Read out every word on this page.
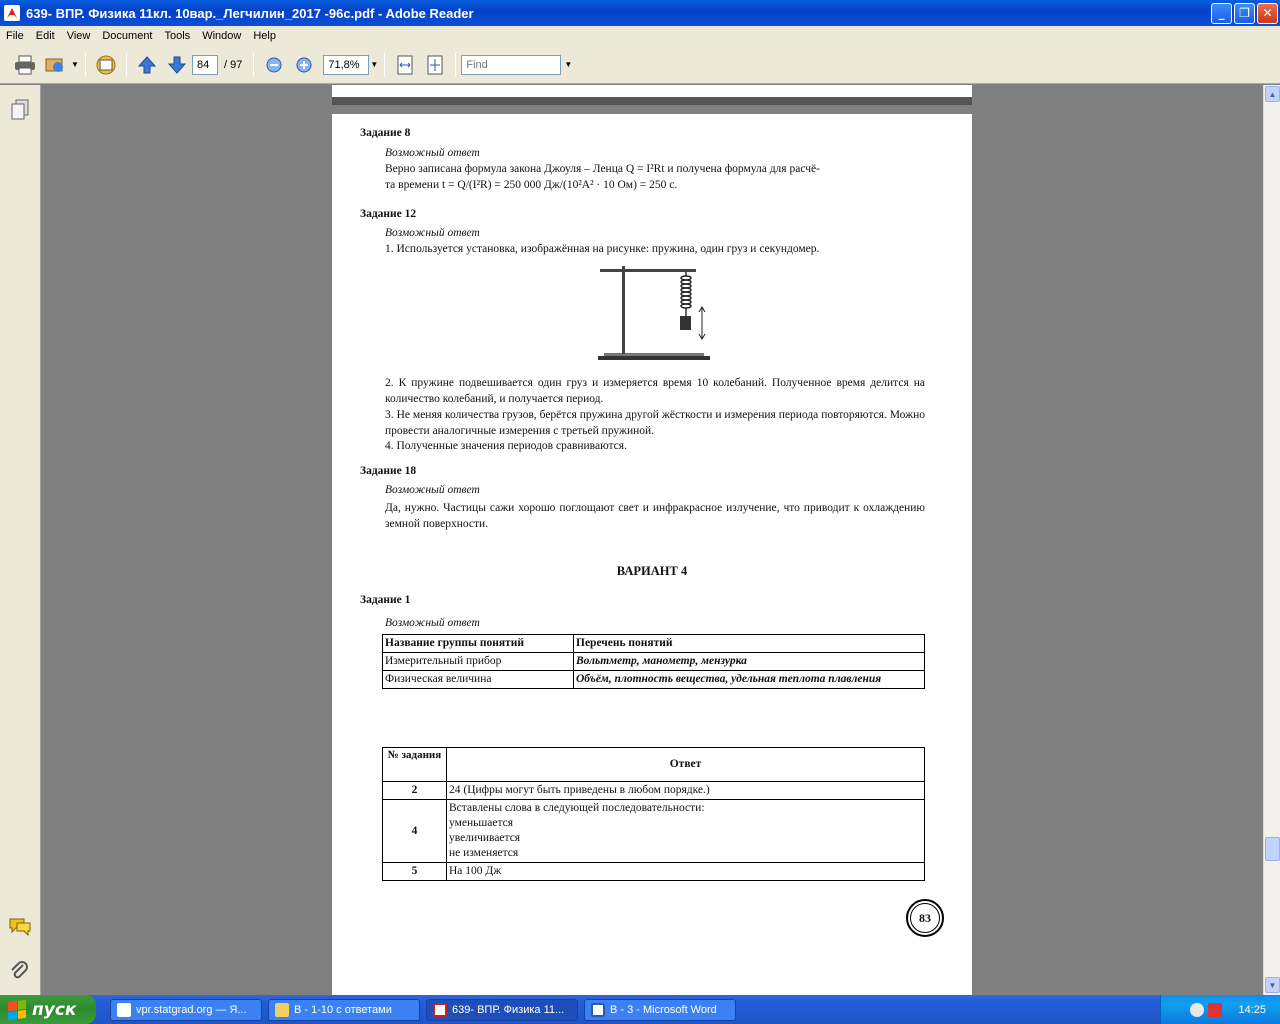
639- ВПР. Физика 11кл. 10вар._Легчилин_2017 -96с.pdf - Adobe Reader	_	❐	✕
File	Edit	View	Document	Tools	Window	Help
▼	84	/ 97	71,8%	▼
Find	▼
Задание 8
Возможный ответ
Верно записана формула закона Джоуля – Ленца Q = I²Rt и получена формула для расчё-
та времени t = Q/(I²R) = 250 000 Дж/(10²А² · 10 Ом) = 250 с.
Задание 12
Возможный ответ
1. Используется установка, изображённая на рисунке: пружина, один груз и секундомер.
2. К пружине подвешивается один груз и измеряется время 10 колебаний. Полученное время делится на количество колебаний, и получается период.
3. Не меняя количества грузов, берётся пружина другой жёсткости и измерения периода повторяются. Можно провести аналогичные измерения с третьей пружиной.
4. Полученные значения периодов сравниваются.
Задание 18
Возможный ответ
Да, нужно. Частицы сажи хорошо поглощают свет и инфракрасное излучение, что приводит к охлаждению земной поверхности.
ВАРИАНТ 4
Задание 1
Возможный ответ
Название группы понятий	Перечень понятий
Измерительный прибор	Вольтметр, манометр, мензурка
Физическая величина	Объём, плотность вещества, удельная теплота плавления
№ задания	Ответ
2	24 (Цифры могут быть приведены в любом порядке.)
4	Вставлены слова в следующей последовательности:
уменьшается
увеличивается
не изменяется

5	На 100 Дж
83
▲
▼
пуск	vpr.statgrad.org — Я...	В - 1-10 с ответами	639- ВПР. Физика 11...	В - 3 - Microsoft Word	14:25
